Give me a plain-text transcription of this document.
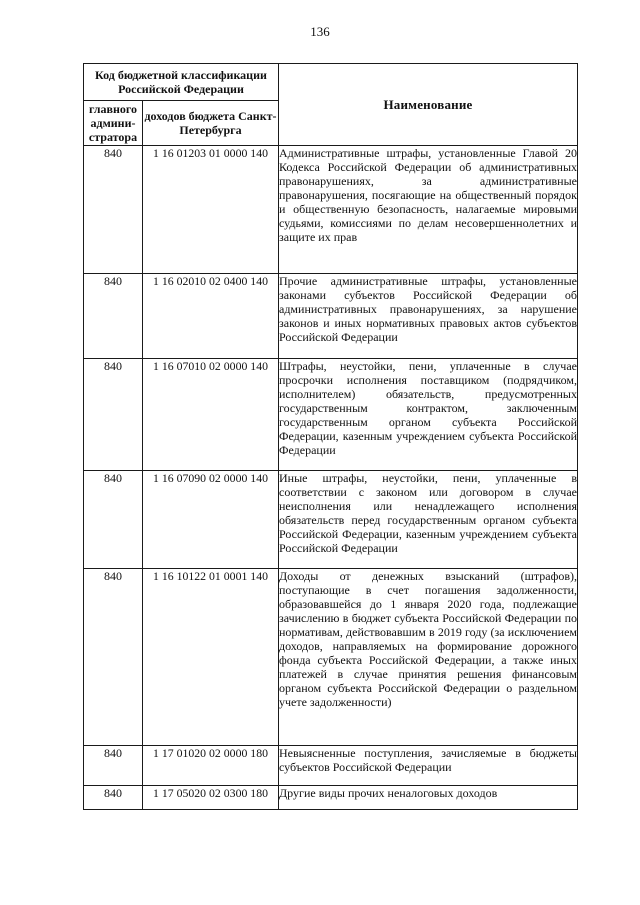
136
Код бюджетной классификации Российской Федерации		Наименование
главного админи-стратора	доходов бюджета Санкт-Петербурга	
840	1 16 01203 01 0000 140	Административные штрафы, установленные Главой 20 Кодекса Российской Федерации об административных правонарушениях, за административные правонарушения, посягающие на общественный порядок и общественную безопасность, налагаемые мировыми судьями, комиссиями по делам несовершеннолетних и защите их прав
840	1 16 02010 02 0400 140	Прочие административные штрафы, установленные законами субъектов Российской Федерации об административных правонарушениях, за нарушение законов и иных нормативных правовых актов субъектов Российской Федерации
840	1 16 07010 02 0000 140	Штрафы, неустойки, пени, уплаченные в случае просрочки исполнения поставщиком (подрядчиком, исполнителем) обязательств, предусмотренных государственным контрактом, заключенным государственным органом субъекта Российской Федерации, казенным учреждением субъекта Российской Федерации
840	1 16 07090 02 0000 140	Иные штрафы, неустойки, пени, уплаченные в соответствии с законом или договором в случае неисполнения или ненадлежащего исполнения обязательств перед государственным органом субъекта Российской Федерации, казенным учреждением субъекта Российской Федерации
840	1 16 10122 01 0001 140	Доходы от денежных взысканий (штрафов), поступающие в счет погашения задолженности, образовавшейся до 1 января 2020 года, подлежащие зачислению в бюджет субъекта Российской Федерации по нормативам, действовавшим в 2019 году (за исключением доходов, направляемых на формирование дорожного фонда субъекта Российской Федерации, а также иных платежей в случае принятия решения финансовым органом субъекта Российской Федерации о раздельном учете задолженности)
840	1 17 01020 02 0000 180	Невыясненные поступления, зачисляемые в бюджеты субъектов Российской Федерации
840	1 17 05020 02 0300 180	Другие виды прочих неналоговых доходов
